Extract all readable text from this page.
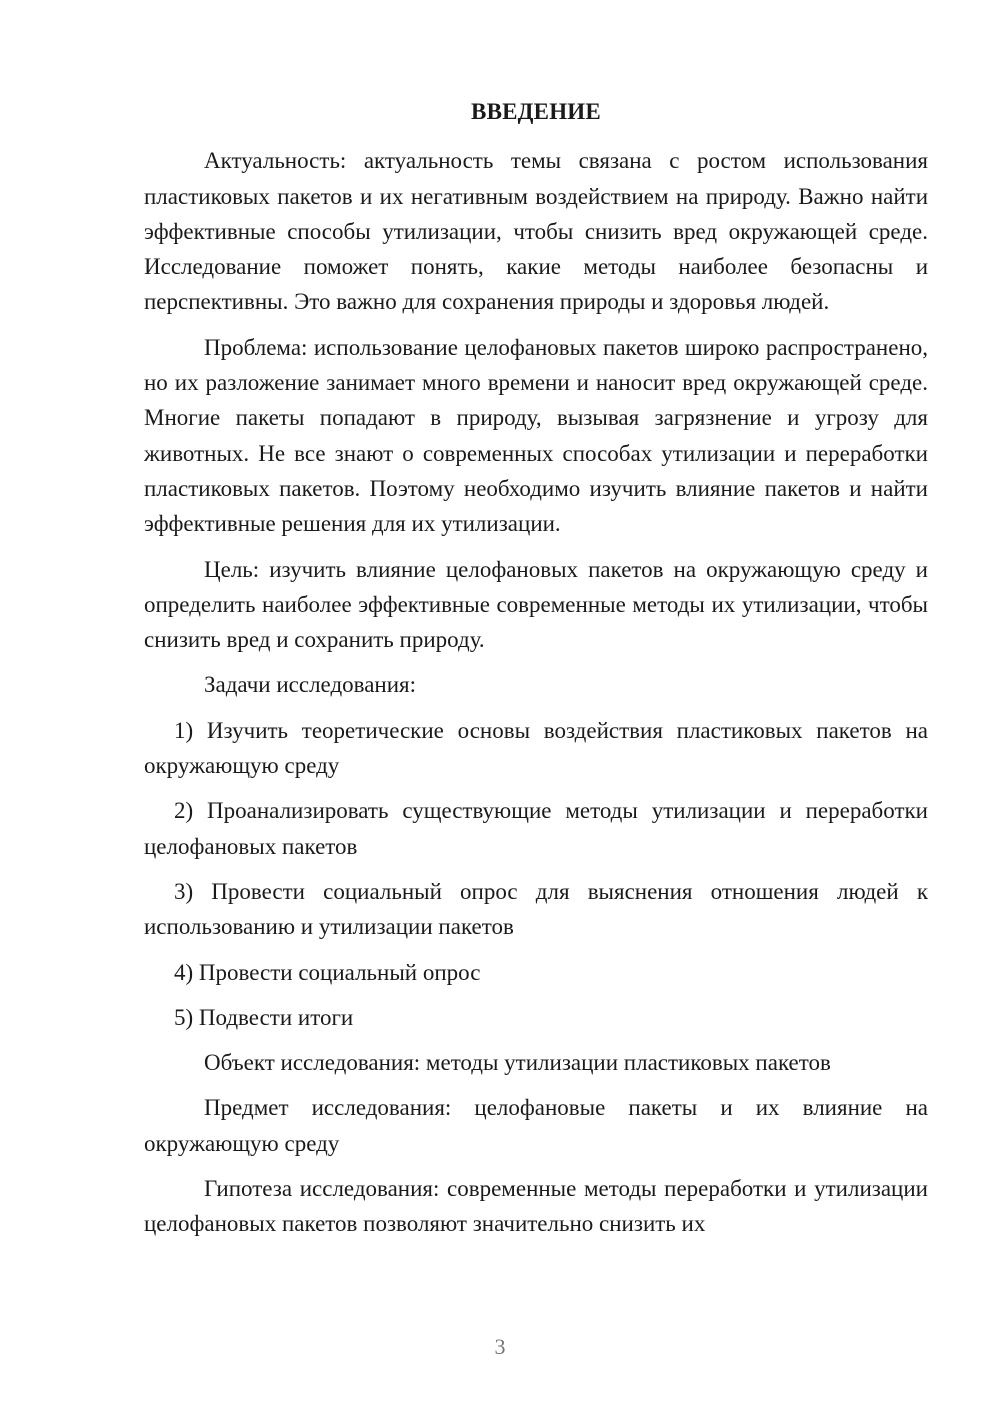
ВВЕДЕНИЕ

Актуальность: актуальность темы связана с ростом использования пластиковых пакетов и их негативным воздействием на природу. Важно найти эффективные способы утилизации, чтобы снизить вред окружающей среде. Исследование поможет понять, какие методы наиболее безопасны и перспективны. Это важно для сохранения природы и здоровья людей.

Проблема: использование целофановых пакетов широко распространено, но их разложение занимает много времени и наносит вред окружающей среде. Многие пакеты попадают в природу, вызывая загрязнение и угрозу для животных. Не все знают о современных способах утилизации и переработки пластиковых пакетов. Поэтому необходимо изучить влияние пакетов и найти эффективные решения для их утилизации.

Цель: изучить влияние целофановых пакетов на окружающую среду и определить наиболее эффективные современные методы их утилизации, чтобы снизить вред и сохранить природу.

Задачи исследования:

1) Изучить теоретические основы воздействия пластиковых пакетов на окружающую среду

2) Проанализировать существующие методы утилизации и переработки целофановых пакетов

3) Провести социальный опрос для выяснения отношения людей к использованию и утилизации пакетов

4) Провести социальный опрос

5) Подвести итоги

Объект исследования: методы утилизации пластиковых пакетов

Предмет исследования: целофановые пакеты и их влияние на окружающую среду

Гипотеза исследования: современные методы переработки и утилизации целофановых пакетов позволяют значительно снизить их

3
